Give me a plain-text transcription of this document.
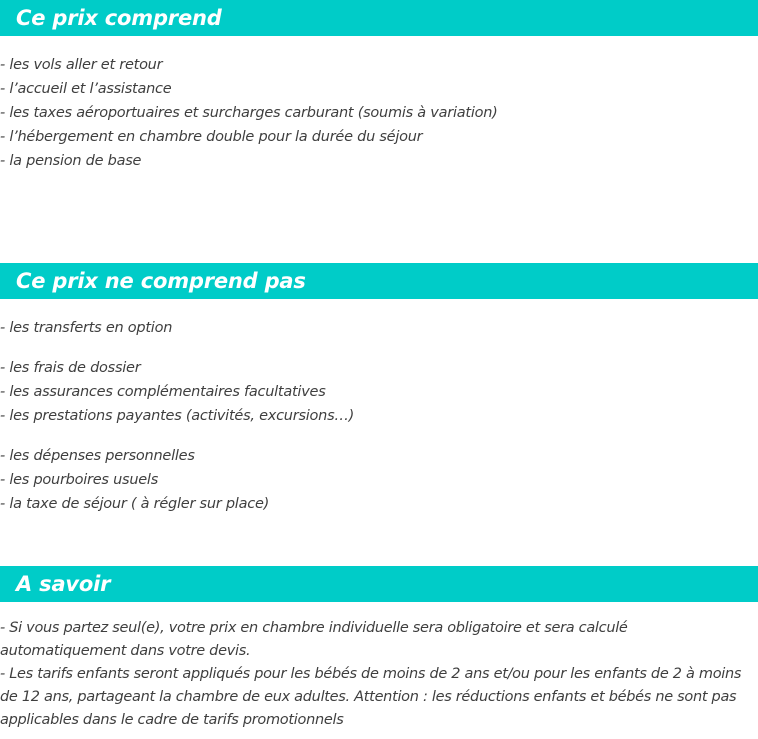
Ce prix comprend
- les vols aller et retour
- l’accueil et l’assistance
- les taxes aéroportuaires et surcharges carburant (soumis à variation)
- l’hébergement en chambre double pour la durée du séjour
- la pension de base
Ce prix ne comprend pas
- les transferts en option
- les frais de dossier
- les assurances complémentaires facultatives
- les prestations payantes (activités, excursions…)
- les dépenses personnelles
- les pourboires usuels
- la taxe de séjour ( à régler sur place)
A savoir
- Si vous partez seul(e), votre prix en chambre individuelle sera obligatoire et sera calculé automatiquement dans votre devis.
- Les tarifs enfants seront appliqués pour les bébés de moins de 2 ans et/ou pour les enfants de 2 à moins de 12 ans, partageant la chambre de eux adultes. Attention : les réductions enfants et bébés ne sont pas applicables dans le cadre de tarifs promotionnels
